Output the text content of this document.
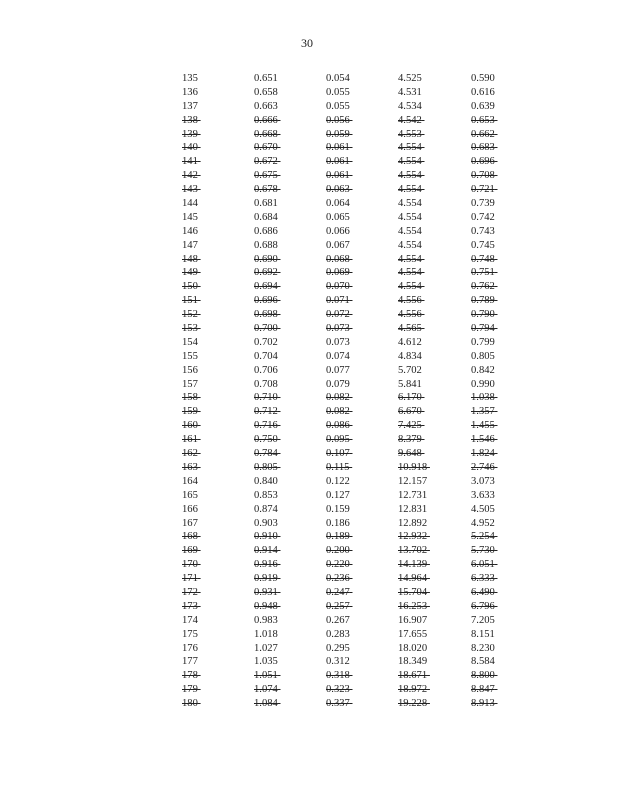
30
135	0.651	0.054	4.525	0.590
136	0.658	0.055	4.531	0.616
137	0.663	0.055	4.534	0.639
138	0.666	0.056	4.542	0.653
139	0.668	0.059	4.553	0.662
140	0.670	0.061	4.554	0.683
141	0.672	0.061	4.554	0.696
142	0.675	0.061	4.554	0.708
143	0.678	0.063	4.554	0.721
144	0.681	0.064	4.554	0.739
145	0.684	0.065	4.554	0.742
146	0.686	0.066	4.554	0.743
147	0.688	0.067	4.554	0.745
148	0.690	0.068	4.554	0.748
149	0.692	0.069	4.554	0.751
150	0.694	0.070	4.554	0.762
151	0.696	0.071	4.556	0.789
152	0.698	0.072	4.556	0.790
153	0.700	0.073	4.565	0.794
154	0.702	0.073	4.612	0.799
155	0.704	0.074	4.834	0.805
156	0.706	0.077	5.702	0.842
157	0.708	0.079	5.841	0.990
158	0.710	0.082	6.170	1.038
159	0.712	0.082	6.670	1.357
160	0.716	0.086	7.425	1.455
161	0.750	0.095	8.379	1.546
162	0.784	0.107	9.648	1.824
163	0.805	0.115	10.918	2.746
164	0.840	0.122	12.157	3.073
165	0.853	0.127	12.731	3.633
166	0.874	0.159	12.831	4.505
167	0.903	0.186	12.892	4.952
168	0.910	0.189	12.932	5.254
169	0.914	0.200	13.702	5.730
170	0.916	0.220	14.139	6.051
171	0.919	0.236	14.964	6.333
172	0.931	0.247	15.704	6.490
173	0.948	0.257	16.253	6.796
174	0.983	0.267	16.907	7.205
175	1.018	0.283	17.655	8.151
176	1.027	0.295	18.020	8.230
177	1.035	0.312	18.349	8.584
178	1.051	0.318	18.671	8.800
179	1.074	0.323	18.972	8.847
180	1.084	0.337	19.228	8.913
